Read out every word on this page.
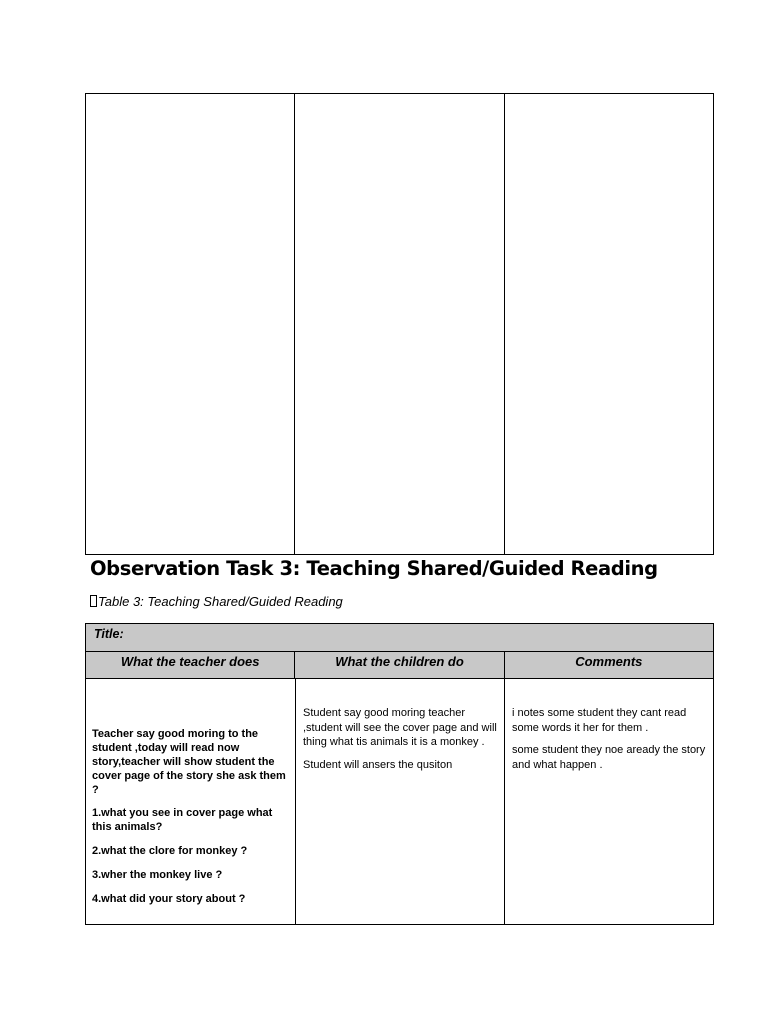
Observation Task 3: Teaching Shared/Guided Reading
Table 3: Teaching Shared/Guided Reading
Title:
What the teacher does	What the children do	Comments

Teacher say good moring to the student ,today will read now story,teacher will show student the cover page of the story she ask them ?

1.what you see in cover page what this animals?

2.what the clore for monkey ?

3.wher the monkey live ?

4.what did your story about ?

Student say good moring teacher ,student will see the cover page and will thing what tis animals it is a monkey .

Student will ansers the qusiton

i notes some student they cant read some words it her for them .

some student they noe aready the story and what happen .
